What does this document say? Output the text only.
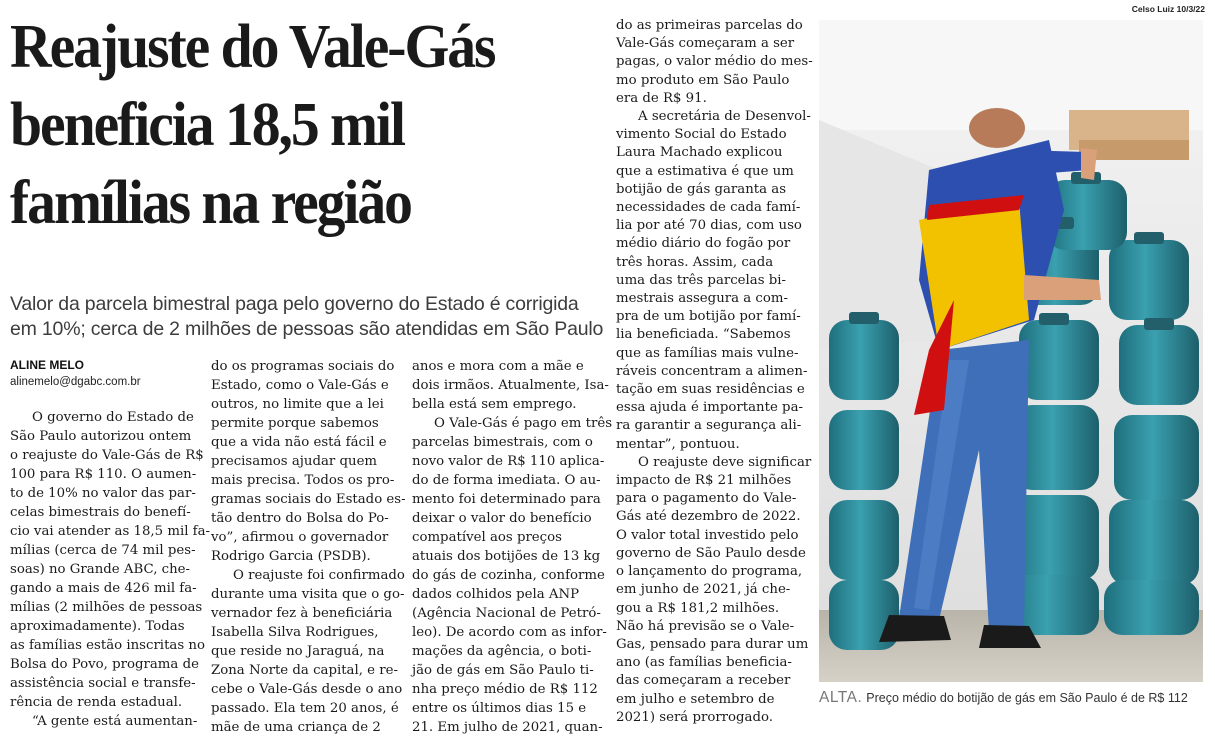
Celso Luiz 10/3/22
Reajuste do Vale-Gás
beneficia 18,5 mil
famílias na região

Valor da parcela bimestral paga pelo governo do Estado é corrigida em 10%; cerca de 2 milhões de pessoas são atendidas em São Paulo

ALINE MELO
alinemelo@dgabc.com.br
O governo do Estado de
São Paulo autorizou ontem
o reajuste do Vale-Gás de R$
100 para R$ 110. O aumen-
to de 10% no valor das par-
celas bimestrais do benefí-
cio vai atender as 18,5 mil fa-
mílias (cerca de 74 mil pes-
soas) no Grande ABC, che-
gando a mais de 426 mil fa-
mílias (2 milhões de pessoas
aproximadamente). Todas
as famílias estão inscritas no
Bolsa do Povo, programa de
assistência social e transfe-
rência de renda estadual.
“A gente está aumentan-
do os programas sociais do
Estado, como o Vale-Gás e
outros, no limite que a lei
permite porque sabemos
que a vida não está fácil e
precisamos ajudar quem
mais precisa. Todos os pro-
gramas sociais do Estado es-
tão dentro do Bolsa do Po-
vo”, afirmou o governador
Rodrigo Garcia (PSDB).
O reajuste foi confirmado
durante uma visita que o go-
vernador fez à beneficiária
Isabella Silva Rodrigues,
que reside no Jaraguá, na
Zona Norte da capital, e re-
cebe o Vale-Gás desde o ano
passado. Ela tem 20 anos, é
mãe de uma criança de 2
anos e mora com a mãe e
dois irmãos. Atualmente, Isa-
bella está sem emprego.
O Vale-Gás é pago em três
parcelas bimestrais, com o
novo valor de R$ 110 aplica-
do de forma imediata. O au-
mento foi determinado para
deixar o valor do benefício
compatível aos preços
atuais dos botijões de 13 kg
do gás de cozinha, conforme
dados colhidos pela ANP
(Agência Nacional de Petró-
leo). De acordo com as infor-
mações da agência, o boti-
jão de gás em São Paulo ti-
nha preço médio de R$ 112
entre os últimos dias 15 e
21. Em julho de 2021, quan-
do as primeiras parcelas do
Vale-Gás começaram a ser
pagas, o valor médio do mes-
mo produto em São Paulo
era de R$ 91.
A secretária de Desenvol-
vimento Social do Estado
Laura Machado explicou
que a estimativa é que um
botijão de gás garanta as
necessidades de cada famí-
lia por até 70 dias, com uso
médio diário do fogão por
três horas. Assim, cada
uma das três parcelas bi-
mestrais assegura a com-
pra de um botijão por famí-
lia beneficiada. “Sabemos
que as famílias mais vulne-
ráveis concentram a alimen-
tação em suas residências e
essa ajuda é importante pa-
ra garantir a segurança ali-
mentar”, pontuou.
O reajuste deve significar
impacto de R$ 21 milhões
para o pagamento do Vale-
Gás até dezembro de 2022.
O valor total investido pelo
governo de São Paulo desde
o lançamento do programa,
em junho de 2021, já che-
gou a R$ 181,2 milhões.
Não há previsão se o Vale-
Gas, pensado para durar um
ano (as famílias beneficia-
das começaram a receber
em julho e setembro de
2021) será prorrogado.
ALTA. Preço médio do botijão de gás em São Paulo é de R$ 112
